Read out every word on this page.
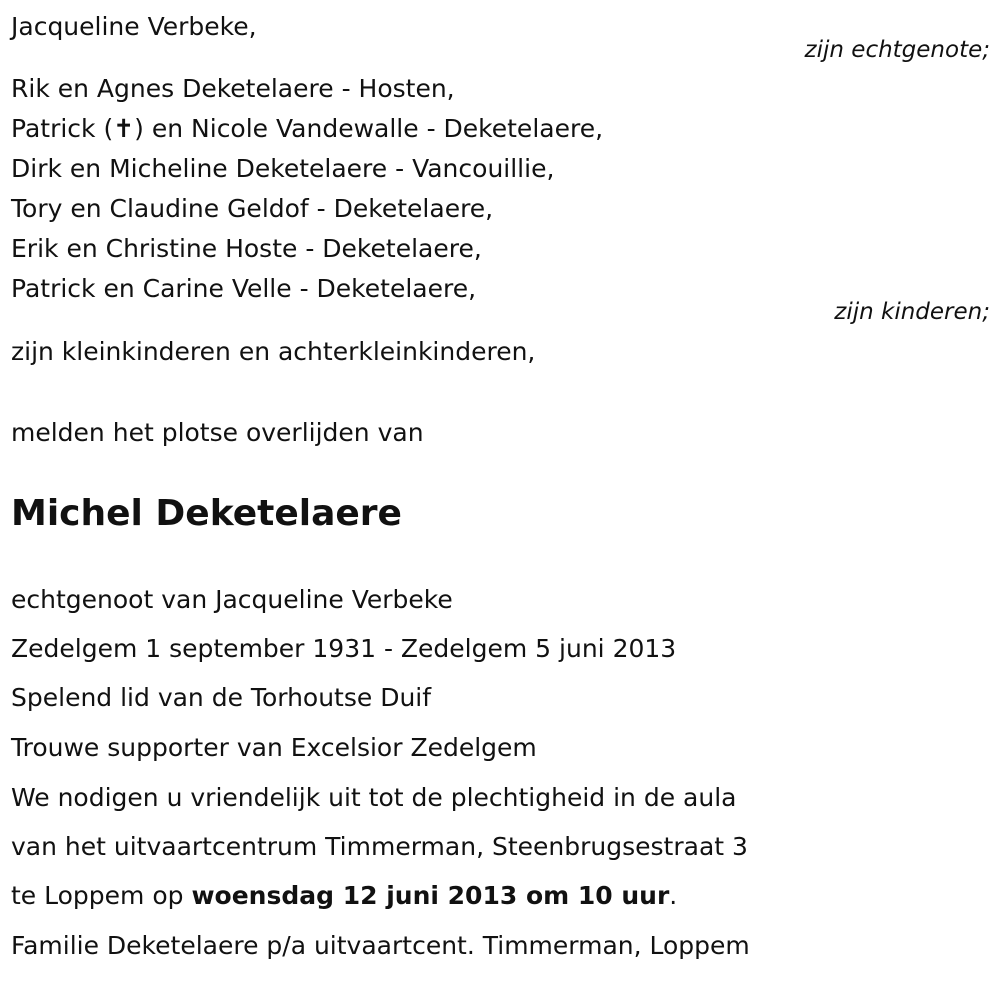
Jacqueline Verbeke,
zijn echtgenote;
Rik en Agnes Deketelaere - Hosten,
Patrick (✝) en Nicole Vandewalle - Deketelaere,
Dirk en Micheline Deketelaere - Vancouillie,
Tory en Claudine Geldof - Deketelaere,
Erik en Christine Hoste - Deketelaere,
Patrick en Carine Velle - Deketelaere,
zijn kinderen;
zijn kleinkinderen en achterkleinkinderen,
melden het plotse overlijden van
Michel Deketelaere
echtgenoot van Jacqueline Verbeke
Zedelgem 1 september 1931 - Zedelgem 5 juni 2013
Spelend lid van de Torhoutse Duif
Trouwe supporter van Excelsior Zedelgem
We nodigen u vriendelijk uit tot de plechtigheid in de aula
van het uitvaartcentrum Timmerman, Steenbrugsestraat 3
te Loppem op woensdag 12 juni 2013 om 10 uur.
Familie Deketelaere p/a uitvaartcent. Timmerman, Loppem
